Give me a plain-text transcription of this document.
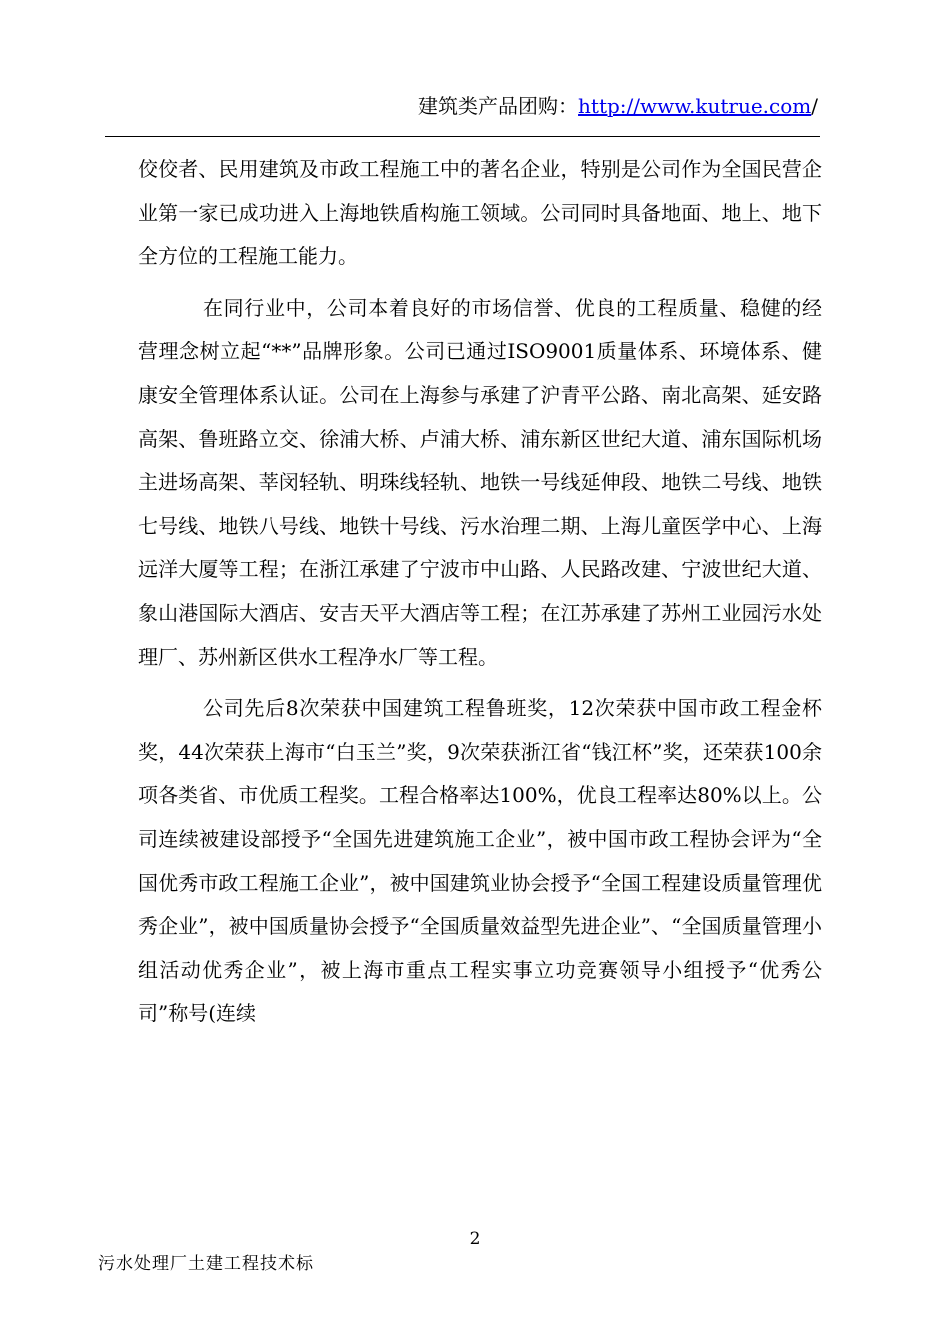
建筑类产品团购：http://www.kutrue.com/

佼佼者、民用建筑及市政工程施工中的著名企业，特别是公司作为全国民营企业第一家已成功进入上海地铁盾构施工领域。公司同时具备地面、地上、地下全方位的工程施工能力。

在同行业中，公司本着良好的市场信誉、优良的工程质量、稳健的经营理念树立起“**”品牌形象。公司已通过ISO9001质量体系、环境体系、健康安全管理体系认证。公司在上海参与承建了沪青平公路、南北高架、延安路高架、鲁班路立交、徐浦大桥、卢浦大桥、浦东新区世纪大道、浦东国际机场主进场高架、莘闵轻轨、明珠线轻轨、地铁一号线延伸段、地铁二号线、地铁七号线、地铁八号线、地铁十号线、污水治理二期、上海儿童医学中心、上海远洋大厦等工程；在浙江承建了宁波市中山路、人民路改建、宁波世纪大道、象山港国际大酒店、安吉天平大酒店等工程；在江苏承建了苏州工业园污水处理厂、苏州新区供水工程净水厂等工程。

公司先后8次荣获中国建筑工程鲁班奖，12次荣获中国市政工程金杯奖，44次荣获上海市“白玉兰”奖，9次荣获浙江省“钱江杯”奖，还荣获100余项各类省、市优质工程奖。工程合格率达100%，优良工程率达80%以上。公司连续被建设部授予“全国先进建筑施工企业”，被中国市政工程协会评为“全国优秀市政工程施工企业”，被中国建筑业协会授予“全国工程建设质量管理优秀企业”，被中国质量协会授予“全国质量效益型先进企业”、“全国质量管理小组活动优秀企业”，被上海市重点工程实事立功竞赛领导小组授予“优秀公司”称号(连续

2
污水处理厂土建工程技术标
